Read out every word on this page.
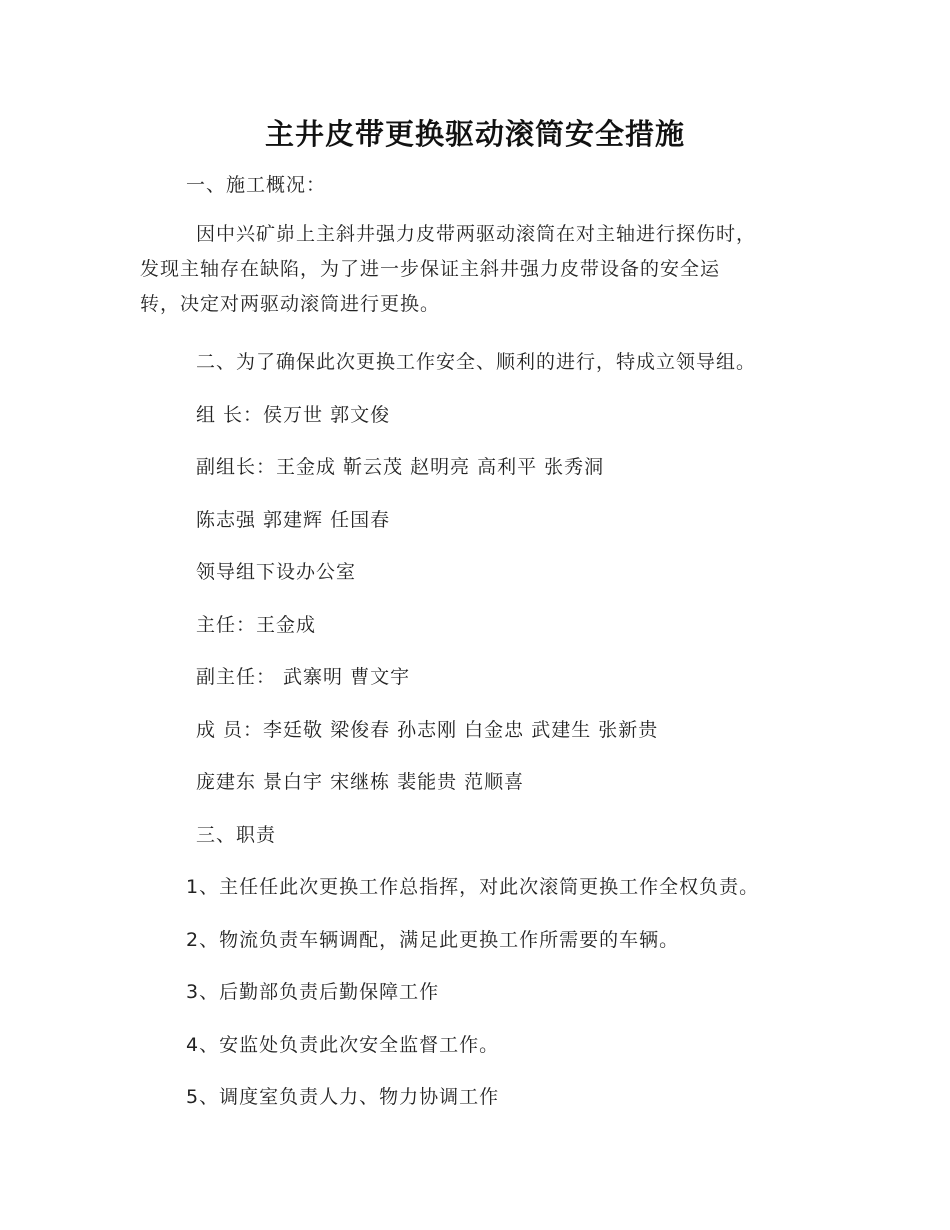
主井皮带更换驱动滚筒安全措施
一、施工概况：
因中兴矿峁上主斜井强力皮带两驱动滚筒在对主轴进行探伤时，
发现主轴存在缺陷，为了进一步保证主斜井强力皮带设备的安全运
转，决定对两驱动滚筒进行更换。
二、为了确保此次更换工作安全、顺利的进行，特成立领导组。
组 长：侯万世 郭文俊
副组长：王金成 靳云茂 赵明亮 高利平 张秀洞
陈志强 郭建辉 任国春
领导组下设办公室
主任：王金成
副主任： 武寨明 曹文宇
成 员：李廷敬 梁俊春 孙志刚 白金忠 武建生 张新贵
庞建东 景白宇 宋继栋 裴能贵 范顺喜
三、职责
1、主任任此次更换工作总指挥，对此次滚筒更换工作全权负责。
2、物流负责车辆调配，满足此更换工作所需要的车辆。
3、后勤部负责后勤保障工作
4、安监处负责此次安全监督工作。
5、调度室负责人力、物力协调工作
